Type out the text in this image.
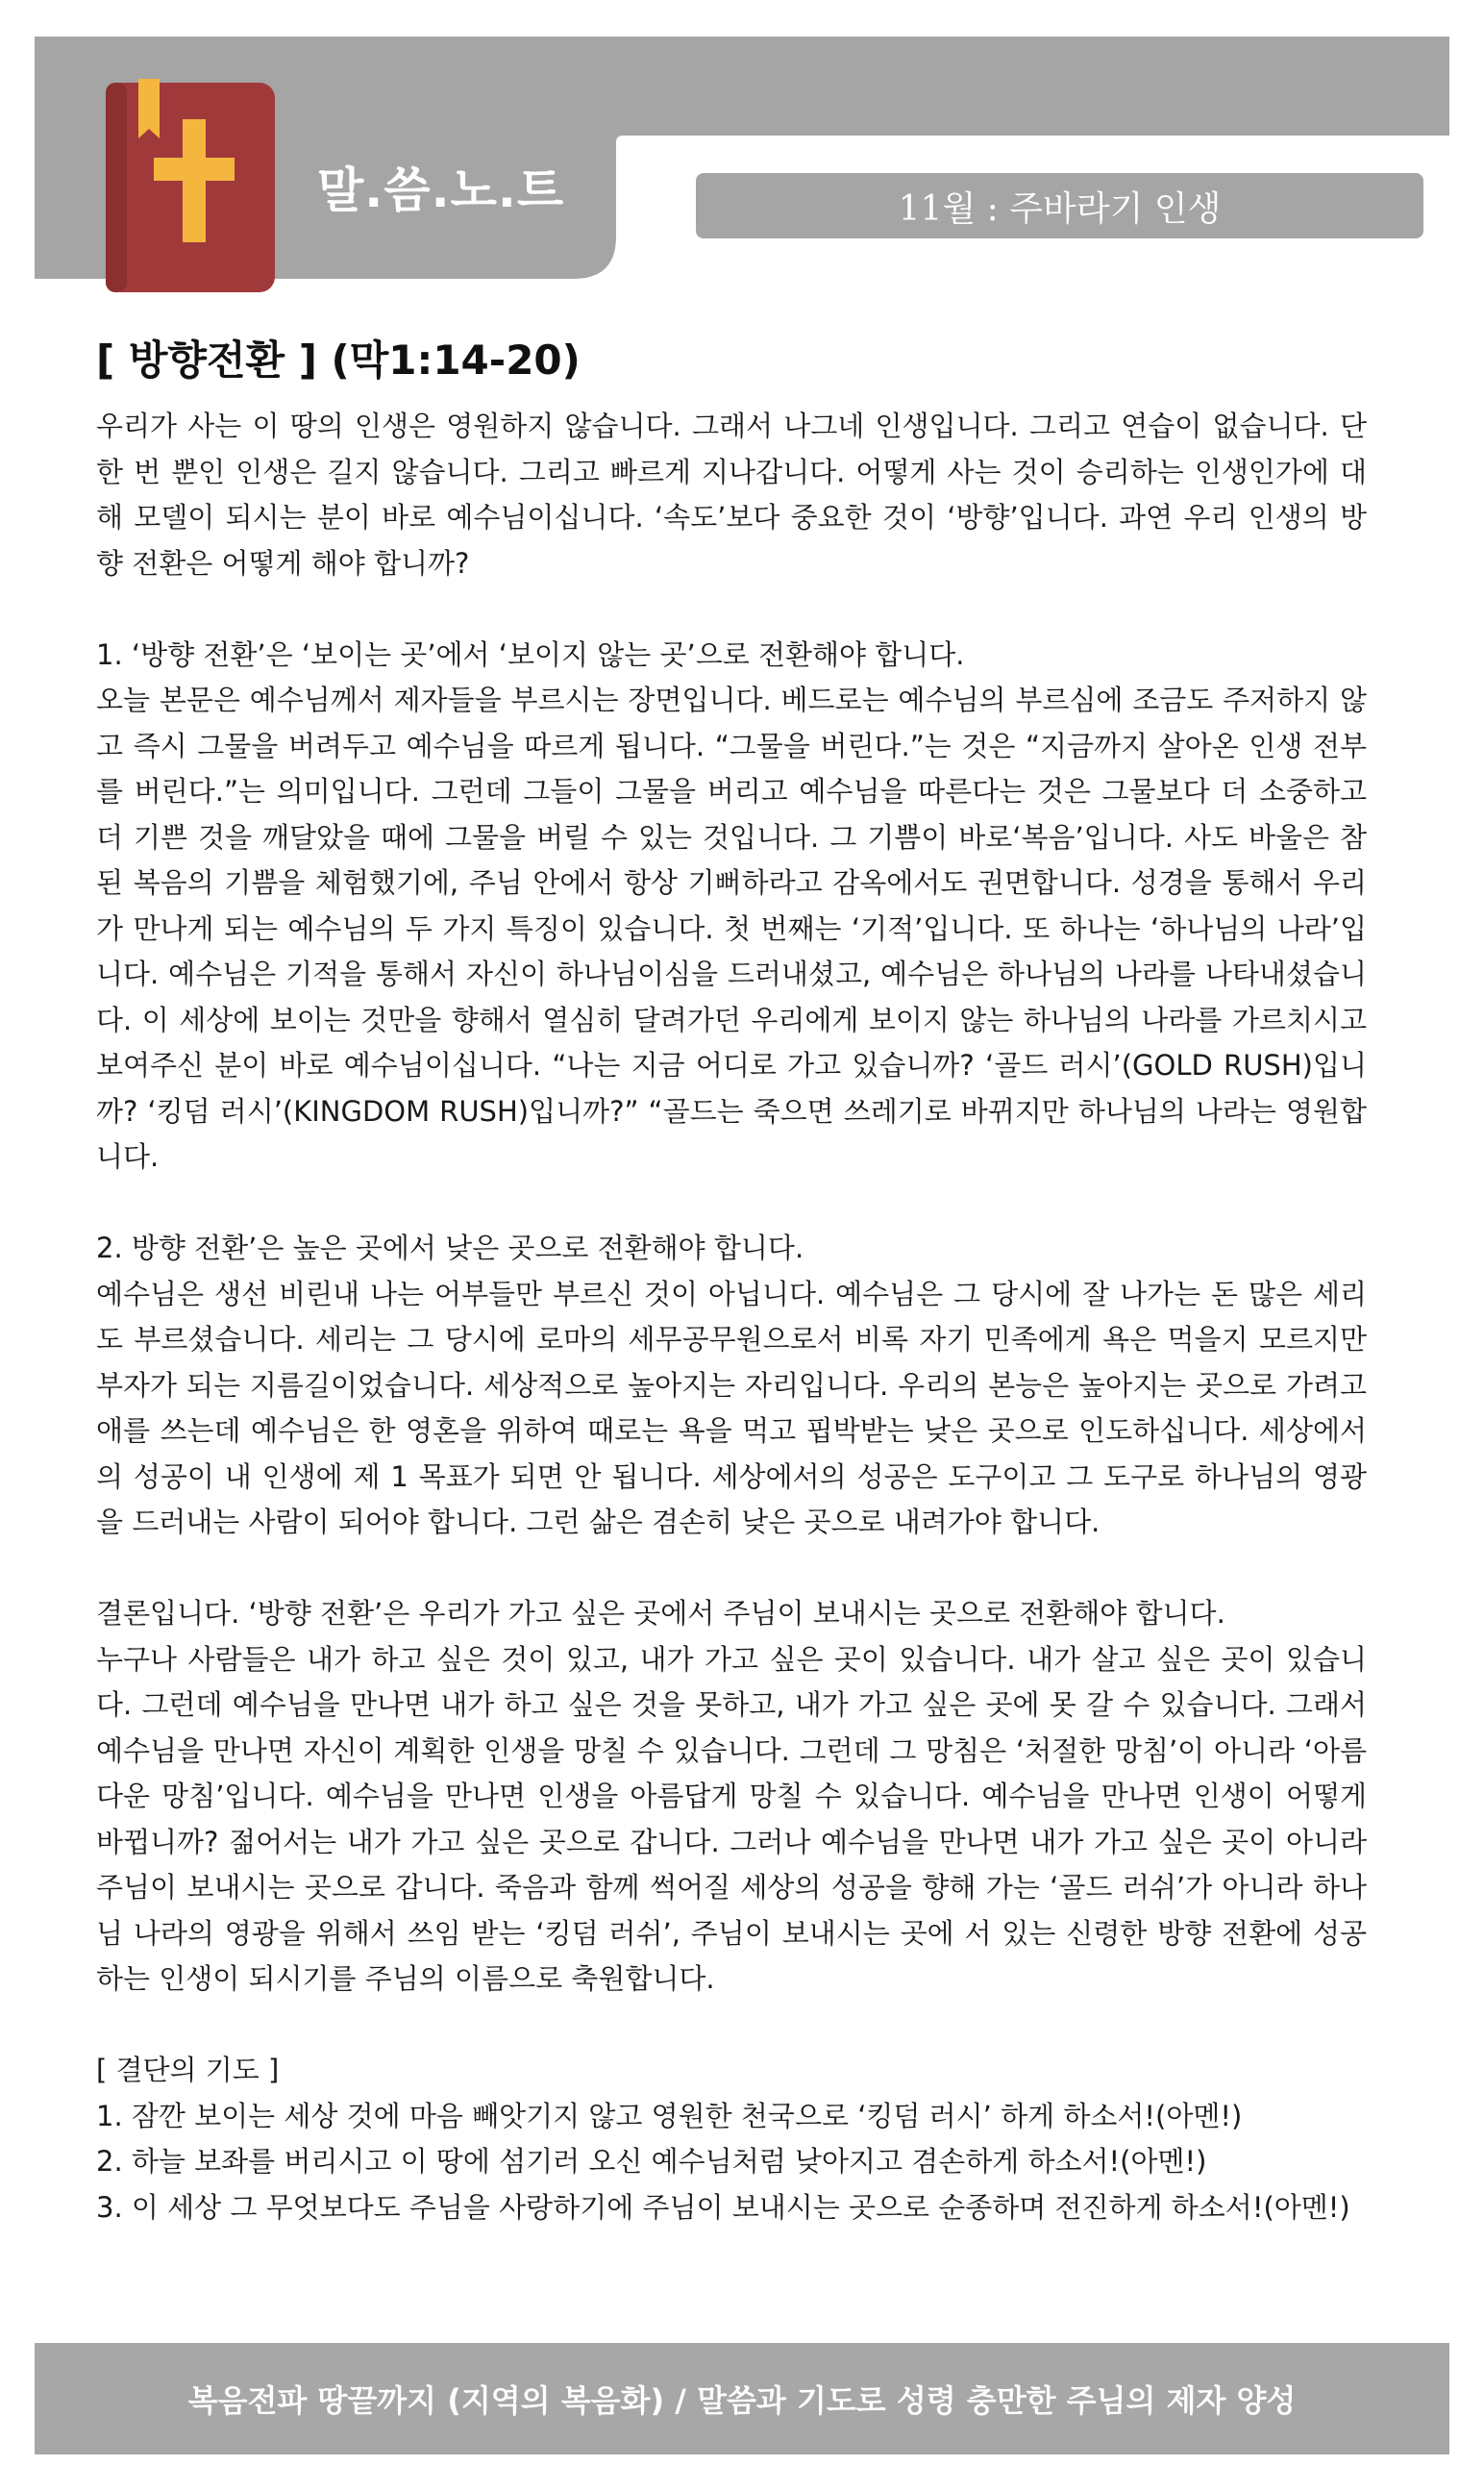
말.씀.노.트	11월 : 주바라기 인생
[ 방향전환 ] (막1:14-20)

우리가 사는 이 땅의 인생은 영원하지 않습니다. 그래서 나그네 인생입니다. 그리고 연습이 없습니다. 단 한 번 뿐인 인생은 길지 않습니다. 그리고 빠르게 지나갑니다. 어떻게 사는 것이 승리하는 인생인가에 대해 모델이 되시는 분이 바로 예수님이십니다. ‘속도’보다 중요한 것이 ‘방향’입니다. 과연 우리 인생의 방향 전환은 어떻게 해야 합니까?

1. ‘방향 전환’은 ‘보이는 곳’에서 ‘보이지 않는 곳’으로 전환해야 합니다.

오늘 본문은 예수님께서 제자들을 부르시는 장면입니다. 베드로는 예수님의 부르심에 조금도 주저하지 않고 즉시 그물을 버려두고 예수님을 따르게 됩니다. “그물을 버린다.”는 것은 “지금까지 살아온 인생 전부를 버린다.”는 의미입니다. 그런데 그들이 그물을 버리고 예수님을 따른다는 것은 그물보다 더 소중하고 더 기쁜 것을 깨달았을 때에 그물을 버릴 수 있는 것입니다. 그 기쁨이 바로‘복음’입니다. 사도 바울은 참된 복음의 기쁨을 체험했기에, 주님 안에서 항상 기뻐하라고 감옥에서도 권면합니다. 성경을 통해서 우리가 만나게 되는 예수님의 두 가지 특징이 있습니다. 첫 번째는 ‘기적’입니다. 또 하나는 ‘하나님의 나라’입니다. 예수님은 기적을 통해서 자신이 하나님이심을 드러내셨고, 예수님은 하나님의 나라를 나타내셨습니다. 이 세상에 보이는 것만을 향해서 열심히 달려가던 우리에게 보이지 않는 하나님의 나라를 가르치시고 보여주신 분이 바로 예수님이십니다. “나는 지금 어디로 가고 있습니까? ‘골드 러시’(GOLD RUSH)입니까? ‘킹덤 러시’(KINGDOM RUSH)입니까?” “골드는 죽으면 쓰레기로 바뀌지만 하나님의 나라는 영원합니다.

2. 방향 전환’은 높은 곳에서 낮은 곳으로 전환해야 합니다.

예수님은 생선 비린내 나는 어부들만 부르신 것이 아닙니다. 예수님은 그 당시에 잘 나가는 돈 많은 세리도 부르셨습니다. 세리는 그 당시에 로마의 세무공무원으로서 비록 자기 민족에게 욕은 먹을지 모르지만 부자가 되는 지름길이었습니다. 세상적으로 높아지는 자리입니다. 우리의 본능은 높아지는 곳으로 가려고 애를 쓰는데 예수님은 한 영혼을 위하여 때로는 욕을 먹고 핍박받는 낮은 곳으로 인도하십니다. 세상에서의 성공이 내 인생에 제 1 목표가 되면 안 됩니다. 세상에서의 성공은 도구이고 그 도구로 하나님의 영광을 드러내는 사람이 되어야 합니다. 그런 삶은 겸손히 낮은 곳으로 내려가야 합니다.

결론입니다. ‘방향 전환’은 우리가 가고 싶은 곳에서 주님이 보내시는 곳으로 전환해야 합니다.

누구나 사람들은 내가 하고 싶은 것이 있고, 내가 가고 싶은 곳이 있습니다. 내가 살고 싶은 곳이 있습니다. 그런데 예수님을 만나면 내가 하고 싶은 것을 못하고, 내가 가고 싶은 곳에 못 갈 수 있습니다. 그래서 예수님을 만나면 자신이 계획한 인생을 망칠 수 있습니다. 그런데 그 망침은 ‘처절한 망침’이 아니라 ‘아름다운 망침’입니다. 예수님을 만나면 인생을 아름답게 망칠 수 있습니다. 예수님을 만나면 인생이 어떻게 바뀝니까? 젊어서는 내가 가고 싶은 곳으로 갑니다. 그러나 예수님을 만나면 내가 가고 싶은 곳이 아니라 주님이 보내시는 곳으로 갑니다. 죽음과 함께 썩어질 세상의 성공을 향해 가는 ‘골드 러쉬’가 아니라 하나님 나라의 영광을 위해서 쓰임 받는 ‘킹덤 러쉬’, 주님이 보내시는 곳에 서 있는 신령한 방향 전환에 성공하는 인생이 되시기를 주님의 이름으로 축원합니다.

[ 결단의 기도 ]

1. 잠깐 보이는 세상 것에 마음 빼앗기지 않고 영원한 천국으로 ‘킹덤 러시’ 하게 하소서!(아멘!)

2. 하늘 보좌를 버리시고 이 땅에 섬기러 오신 예수님처럼 낮아지고 겸손하게 하소서!(아멘!)

3. 이 세상 그 무엇보다도 주님을 사랑하기에 주님이 보내시는 곳으로 순종하며 전진하게 하소서!(아멘!)

복음전파 땅끝까지 (지역의 복음화) / 말씀과 기도로 성령 충만한 주님의 제자 양성
